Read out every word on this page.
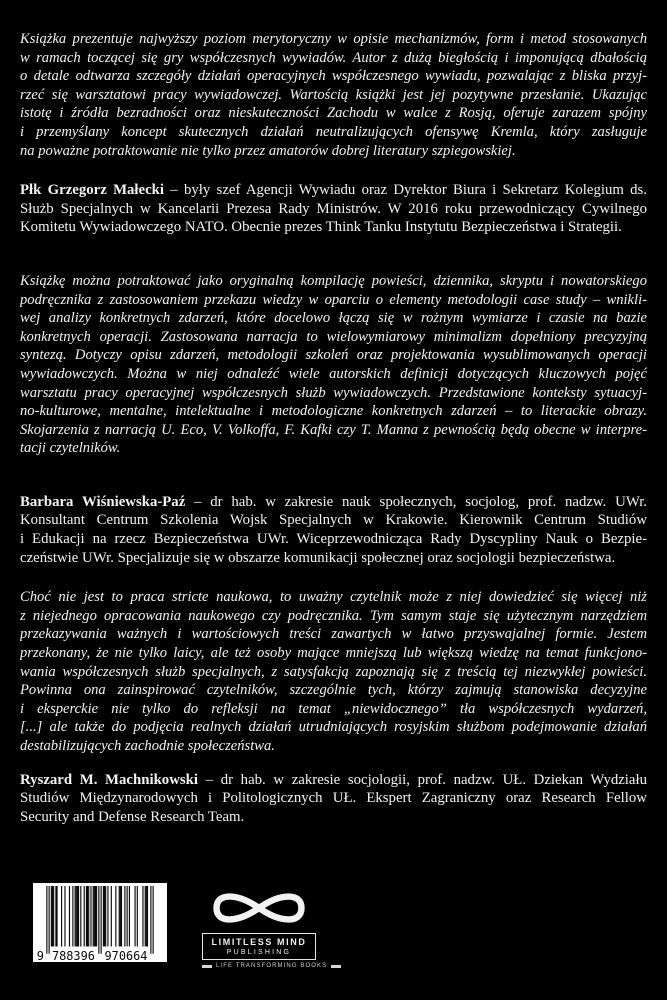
Książka prezentuje najwyższy poziom merytoryczny w opisie mechanizmów, form i metod stosowanych
w ramach toczącej się gry współczesnych wywiadów. Autor z dużą biegłością i imponującą dbałością
o detale odtwarza szczegóły działań operacyjnych współczesnego wywiadu, pozwalając z bliska przyj-
rzeć się warsztatowi pracy wywiadowczej. Wartością książki jest jej pozytywne przesłanie. Ukazując
istotę i źródła bezradności oraz nieskuteczności Zachodu w walce z Rosją, oferuje zarazem spójny
i przemyślany koncept skutecznych działań neutralizujących ofensywę Kremla, który zasługuje
na poważne potraktowanie nie tylko przez amatorów dobrej literatury szpiegowskiej.
Płk Grzegorz Małecki – były szef Agencji Wywiadu oraz Dyrektor Biura i Sekretarz Kolegium ds.
Służb Specjalnych w Kancelarii Prezesa Rady Ministrów. W 2016 roku przewodniczący Cywilnego
Komitetu Wywiadowczego NATO. Obecnie prezes Think Tanku Instytutu Bezpieczeństwa i Strategii.
Książkę można potraktować jako oryginalną kompilację powieści, dziennika, skryptu i nowatorskiego
podręcznika z zastosowaniem przekazu wiedzy w oparciu o elementy metodologii case study – wnikli-
wej analizy konkretnych zdarzeń, które docelowo łączą się w rożnym wymiarze i czasie na bazie
konkretnych operacji. Zastosowana narracja to wielowymiarowy minimalizm dopełniony precyzyjną
syntezą. Dotyczy opisu zdarzeń, metodologii szkoleń oraz projektowania wysublimowanych operacji
wywiadowczych. Można w niej odnaleźć wiele autorskich definicji dotyczących kluczowych pojęć
warsztatu pracy operacyjnej współczesnych służb wywiadowczych. Przedstawione konteksty sytuacyj-
no-kulturowe, mentalne, intelektualne i metodologiczne konkretnych zdarzeń – to literackie obrazy.
Skojarzenia z narracją U. Eco, V. Volkoffa, F. Kafki czy T. Manna z pewnością będą obecne w interpre-
tacji czytelników.
Barbara Wiśniewska-Paź – dr hab. w zakresie nauk społecznych, socjolog, prof. nadzw. UWr.
Konsultant Centrum Szkolenia Wojsk Specjalnych w Krakowie. Kierownik Centrum Studiów
i Edukacji na rzecz Bezpieczeństwa UWr. Wiceprzewodnicząca Rady Dyscypliny Nauk o Bezpie-
czeństwie UWr. Specjalizuje się w obszarze komunikacji społecznej oraz socjologii bezpieczeństwa.
Choć nie jest to praca stricte naukowa, to uważny czytelnik może z niej dowiedzieć się więcej niż
z niejednego opracowania naukowego czy podręcznika. Tym samym staje się użytecznym narzędziem
przekazywania ważnych i wartościowych treści zawartych w łatwo przyswajalnej formie. Jestem
przekonany, że nie tylko laicy, ale też osoby mające mniejszą lub większą wiedzę na temat funkcjono-
wania współczesnych służb specjalnych, z satysfakcją zapoznają się z treścią tej niezwykłej powieści.
Powinna ona zainspirować czytelników, szczególnie tych, którzy zajmują stanowiska decyzyjne
i eksperckie nie tylko do refleksji na temat „niewidocznego” tła współczesnych wydarzeń,
[...] ale także do podjęcia realnych działań utrudniających rosyjskim służbom podejmowanie działań
destabilizujących zachodnie społeczeństwa.
Ryszard M. Machnikowski – dr hab. w zakresie socjologii, prof. nadzw. UŁ. Dziekan Wydziału
Studiów Międzynarodowych i Politologicznych UŁ. Ekspert Zagraniczny oraz Research Fellow
Security and Defense Research Team.
9 788396 970664
LIMITLESS MIND
PUBLISHING
LIFE TRANSFORMING BOOKS
